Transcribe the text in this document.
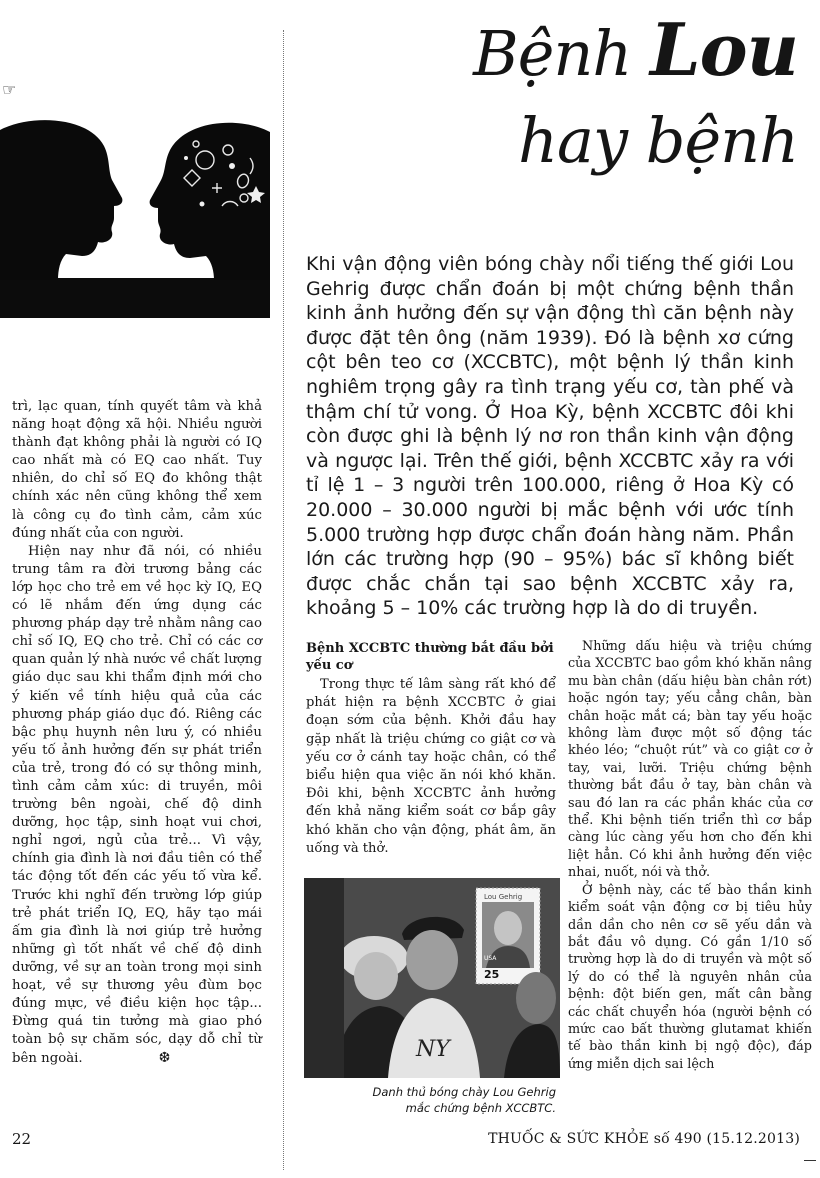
☞	Bệnh Lou
hay bệnh

Khi vận động viên bóng chày nổi tiếng thế giới Lou Gehrig được chẩn đoán bị một chứng bệnh thần kinh ảnh hưởng đến sự vận động thì căn bệnh này được đặt tên ông (năm 1939). Đó là bệnh xơ cứng cột bên teo cơ (XCCBTC), một bệnh lý thần kinh nghiêm trọng gây ra tình trạng yếu cơ, tàn phế và thậm chí tử vong. Ở Hoa Kỳ, bệnh XCCBTC đôi khi còn được ghi là bệnh lý nơ ron thần kinh vận động và ngược lại. Trên thế giới, bệnh XCCBTC xảy ra với tỉ lệ 1 – 3 người trên 100.000, riêng ở Hoa Kỳ có 20.000 – 30.000 người bị mắc bệnh với ước tính 5.000 trường hợp được chẩn đoán hàng năm. Phần lớn các trường hợp (90 – 95%) bác sĩ không biết được chắc chắn tại sao bệnh XCCBTC xảy ra, khoảng 5 – 10% các trường hợp là do di truyền.

trì, lạc quan, tính quyết tâm và khả năng hoạt động xã hội. Nhiều người thành đạt không phải là người có IQ cao nhất mà có EQ cao nhất. Tuy nhiên, do chỉ số EQ đo không thật chính xác nên cũng không thể xem là công cụ đo tình cảm, cảm xúc đúng nhất của con người.

Hiện nay như đã nói, có nhiều trung tâm ra đời trương bảng các lớp học cho trẻ em về học kỳ IQ, EQ có lẽ nhắm đến ứng dụng các phương pháp dạy trẻ nhằm nâng cao chỉ số IQ, EQ cho trẻ. Chỉ có các cơ quan quản lý nhà nước về chất lượng giáo dục sau khi thẩm định mới cho ý kiến về tính hiệu quả của các phương pháp giáo dục đó. Riêng các bậc phụ huynh nên lưu ý, có nhiều yếu tố ảnh hưởng đến sự phát triển của trẻ, trong đó có sự thông minh, tình cảm cảm xúc: di truyền, môi trường bên ngoài, chế độ dinh dưỡng, học tập, sinh hoạt vui chơi, nghỉ ngơi, ngủ của trẻ... Vì vậy, chính gia đình là nơi đầu tiên có thể tác động tốt đến các yếu tố vừa kể. Trước khi nghĩ đến trường lớp giúp trẻ phát triển IQ, EQ, hãy tạo mái ấm gia đình là nơi giúp trẻ hưởng những gì tốt nhất về chế độ dinh dưỡng, về sự an toàn trong mọi sinh hoạt, về sự thương yêu đùm bọc đúng mực, về điều kiện học tập... Đừng quá tin tưởng mà giao phó toàn bộ sự chăm sóc, dạy dỗ chỉ từ bên ngoài.	❆

Bệnh XCCBTC thường bắt đầu bởi yếu cơ

Trong thực tế lâm sàng rất khó để phát hiện ra bệnh XCCBTC ở giai đoạn sớm của bệnh. Khởi đầu hay gặp nhất là triệu chứng co giật cơ và yếu cơ ở cánh tay hoặc chân, có thể biểu hiện qua việc ăn nói khó khăn. Đôi khi, bệnh XCCBTC ảnh hưởng đến khả năng kiểm soát cơ bắp gây khó khăn cho vận động, phát âm, ăn uống và thở.

NY
Lou Gehrig
USA
25

Danh thủ bóng chày Lou Gehrig
mắc chứng bệnh XCCBTC.

Những dấu hiệu và triệu chứng của XCCBTC bao gồm khó khăn nâng mu bàn chân (dấu hiệu bàn chân rớt) hoặc ngón tay; yếu cẳng chân, bàn chân hoặc mắt cá; bàn tay yếu hoặc không làm được một số động tác khéo léo; “chuột rút” và co giật cơ ở tay, vai, lưỡi. Triệu chứng bệnh thường bắt đầu ở tay, bàn chân và sau đó lan ra các phần khác của cơ thể. Khi bệnh tiến triển thì cơ bắp càng lúc càng yếu hơn cho đến khi liệt hẳn. Có khi ảnh hưởng đến việc nhai, nuốt, nói và thở.

Ở bệnh này, các tế bào thần kinh kiểm soát vận động cơ bị tiêu hủy dần dần cho nên cơ sẽ yếu dần và bắt đầu vô dụng. Có gần 1/10 số trường hợp là do di truyền và một số lý do có thể là nguyên nhân của bệnh: đột biến gen, mất cân bằng các chất chuyển hóa (người bệnh có mức cao bất thường glutamat khiến tế bào thần kinh bị ngộ độc), đáp ứng miễn dịch sai lệch

22	THUỐC & SỨC KHỎE số 490 (15.12.2013)
